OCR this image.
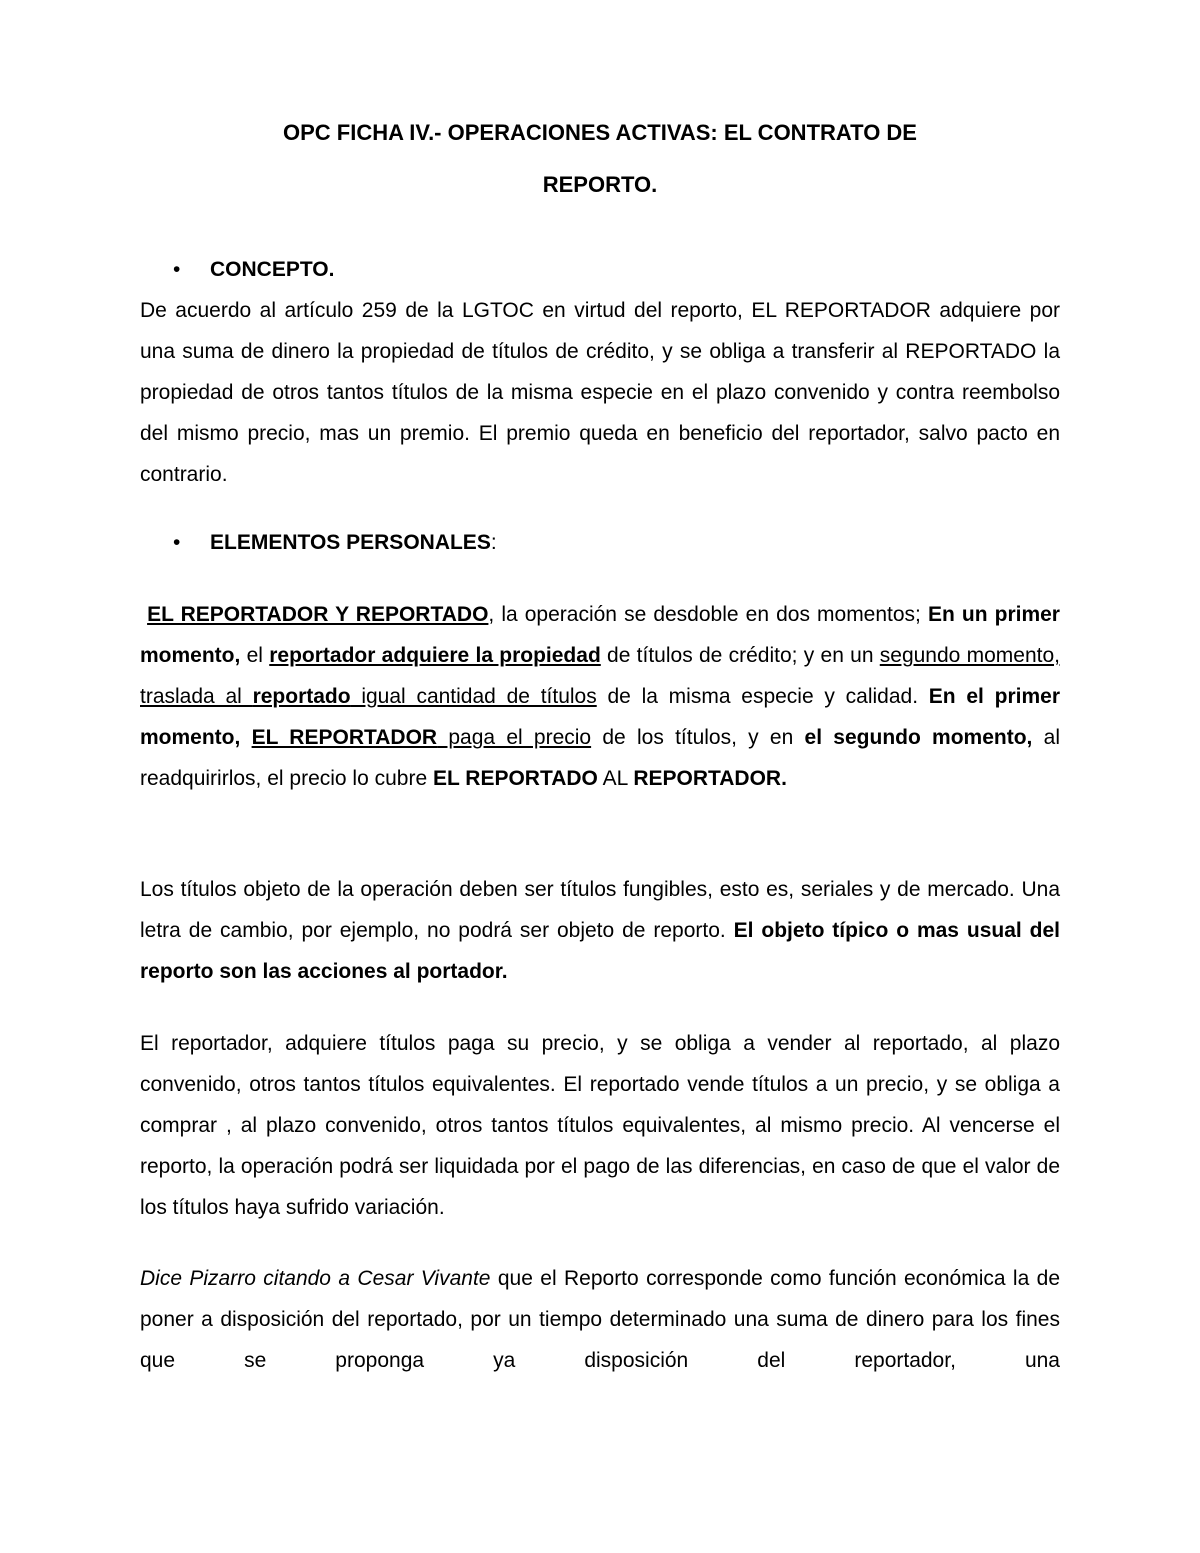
OPC FICHA IV.- OPERACIONES ACTIVAS: EL CONTRATO DE
REPORTO.
• CONCEPTO.

De acuerdo al artículo 259 de la LGTOC en virtud del reporto, EL REPORTADOR adquiere por una suma de dinero la propiedad de títulos de crédito, y se obliga a transferir al REPORTADO la propiedad de otros tantos títulos de la misma especie en el plazo convenido y contra reembolso del mismo precio, mas un premio. El premio queda en beneficio del reportador, salvo pacto en contrario.

• ELEMENTOS PERSONALES:

EL REPORTADOR Y REPORTADO, la operación se desdoble en dos momentos; En un primer momento, el reportador adquiere la propiedad de títulos de crédito; y en un segundo momento, traslada al reportado igual cantidad de títulos de la misma especie y calidad. En el primer momento, EL REPORTADOR paga el precio de los títulos, y en el segundo momento, al readquirirlos, el precio lo cubre EL REPORTADO AL REPORTADOR.

Los títulos objeto de la operación deben ser títulos fungibles, esto es, seriales y de mercado. Una letra de cambio, por ejemplo, no podrá ser objeto de reporto. El objeto típico o mas usual del reporto son las acciones al portador.

El reportador, adquiere títulos paga su precio, y se obliga a vender al reportado, al plazo convenido, otros tantos títulos equivalentes. El reportado vende títulos a un precio, y se obliga a comprar , al plazo convenido, otros tantos títulos equivalentes, al mismo precio. Al vencerse el reporto, la operación podrá ser liquidada por el pago de las diferencias, en caso de que el valor de los títulos haya sufrido variación.

Dice Pizarro citando a Cesar Vivante que el Reporto corresponde como función económica la de poner a disposición del reportado, por un tiempo determinado una suma de dinero para los fines que se proponga ya disposición del reportador, una
